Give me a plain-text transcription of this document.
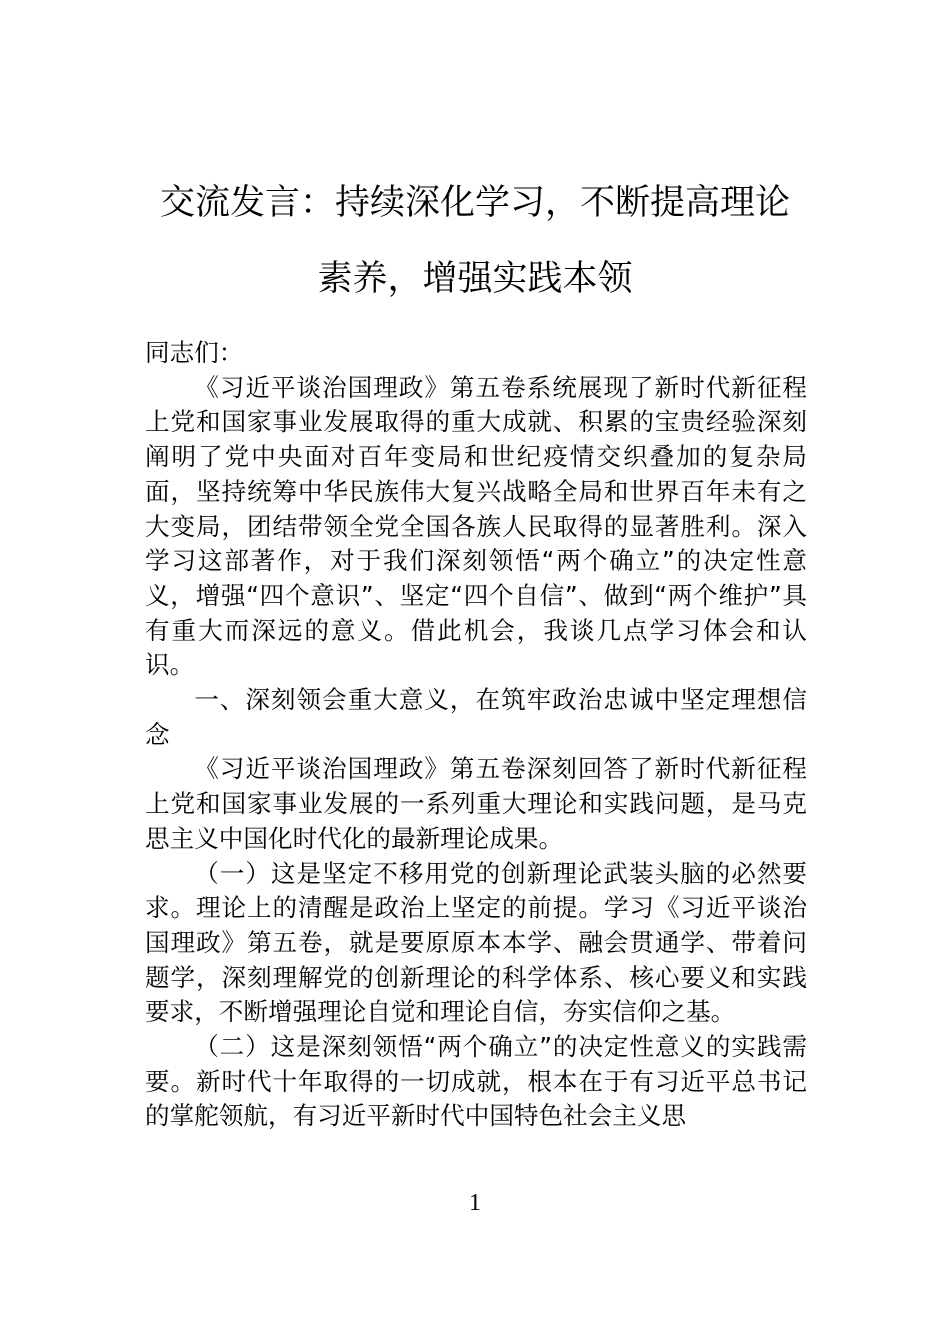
交流发言：持续深化学习，不断提高理论
素养，增强实践本领

同志们：

《习近平谈治国理政》第五卷系统展现了新时代新征程上党和国家事业发展取得的重大成就、积累的宝贵经验深刻阐明了党中央面对百年变局和世纪疫情交织叠加的复杂局面，坚持统筹中华民族伟大复兴战略全局和世界百年未有之大变局，团结带领全党全国各族人民取得的显著胜利。深入学习这部著作，对于我们深刻领悟“两个确立”的决定性意义，增强“四个意识”、坚定“四个自信”、做到“两个维护”具有重大而深远的意义。借此机会，我谈几点学习体会和认识。

一、深刻领会重大意义，在筑牢政治忠诚中坚定理想信念

《习近平谈治国理政》第五卷深刻回答了新时代新征程上党和国家事业发展的一系列重大理论和实践问题，是马克思主义中国化时代化的最新理论成果。

（一）这是坚定不移用党的创新理论武装头脑的必然要求。理论上的清醒是政治上坚定的前提。学习《习近平谈治国理政》第五卷，就是要原原本本学、融会贯通学、带着问题学，深刻理解党的创新理论的科学体系、核心要义和实践要求，不断增强理论自觉和理论自信，夯实信仰之基。

（二）这是深刻领悟“两个确立”的决定性意义的实践需要。新时代十年取得的一切成就，根本在于有习近平总书记的掌舵领航，有习近平新时代中国特色社会主义思

1
